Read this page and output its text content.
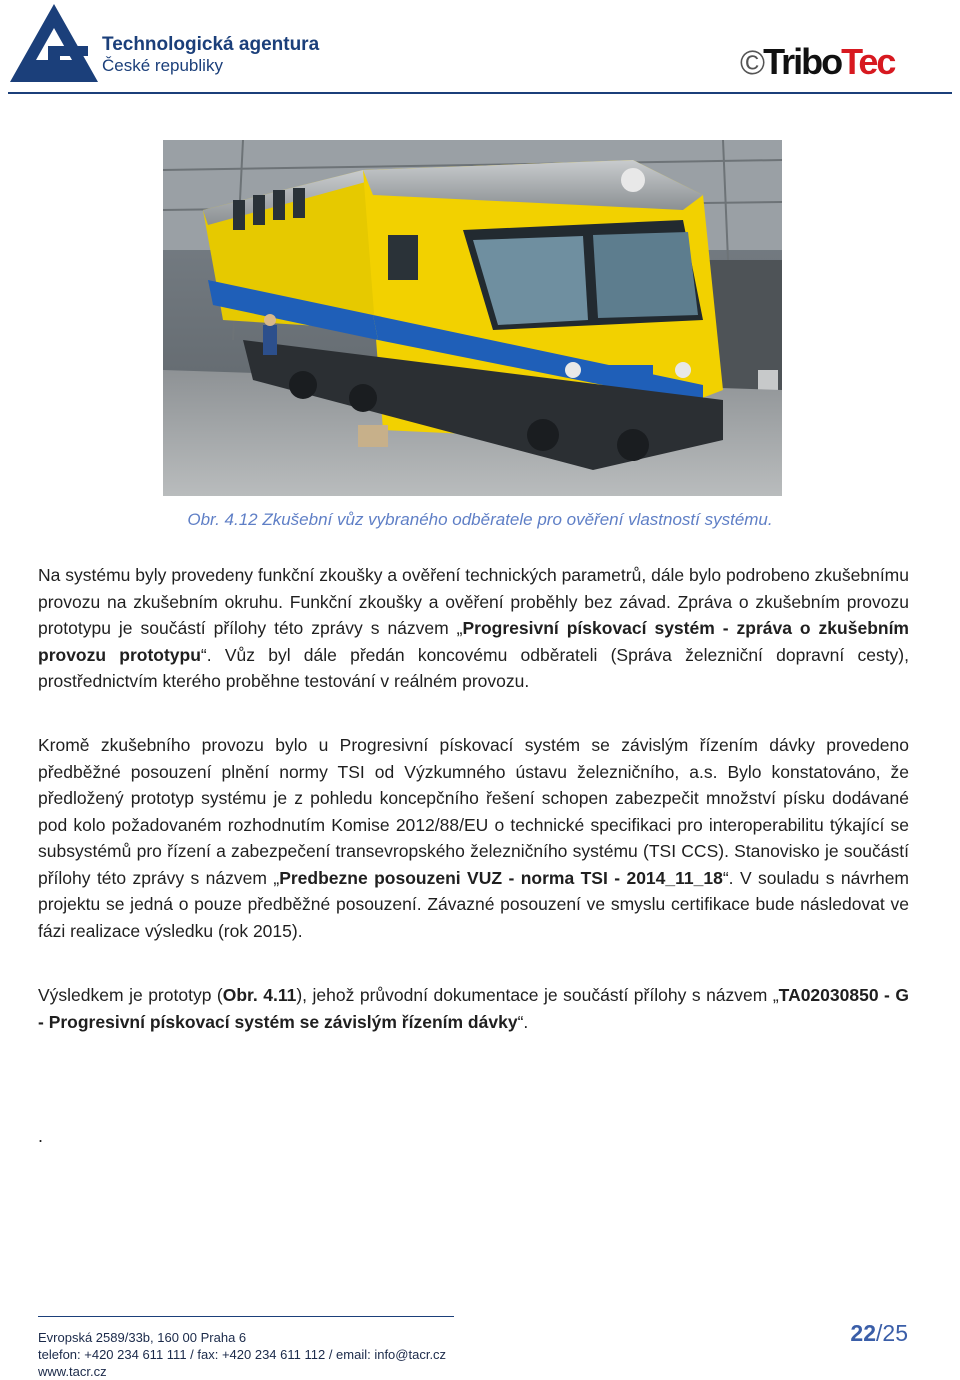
Technologická agentura
České republiky	©TriboTec
Obr. 4.12 Zkušební vůz vybraného odběratele pro ověření vlastností systému.
Na systému byly provedeny funkční zkoušky a ověření technických parametrů, dále bylo podrobeno zkušebnímu provozu na zkušebním okruhu. Funkční zkoušky a ověření proběhly bez závad. Zpráva o zkušebním provozu prototypu je součástí přílohy této zprávy s názvem „Progresivní pískovací systém - zpráva o zkušebním provozu prototypu“. Vůz byl dále předán koncovému odběrateli (Správa železniční dopravní cesty), prostřednictvím kterého proběhne testování v reálném provozu.
Kromě zkušebního provozu bylo u Progresivní pískovací systém se závislým řízením dávky provedeno předběžné posouzení plnění normy TSI od Výzkumného ústavu železničního, a.s. Bylo konstatováno, že předložený prototyp systému je z pohledu koncepčního řešení schopen zabezpečit množství písku dodávané pod kolo požadovaném rozhodnutím Komise 2012/88/EU o technické specifikaci pro interoperabilitu týkající se subsystémů pro řízení a zabezpečení transevropského železničního systému (TSI CCS). Stanovisko je součástí přílohy této zprávy s názvem „Predbezne posouzeni VUZ - norma TSI - 2014_11_18“. V souladu s návrhem projektu se jedná o pouze předběžné posouzení. Závazné posouzení ve smyslu certifikace bude následovat ve fázi realizace výsledku (rok 2015).
Výsledkem je prototyp (Obr. 4.11), jehož průvodní dokumentace je součástí přílohy s názvem „TA02030850 - G - Progresivní pískovací systém se závislým řízením dávky“.
.
Evropská 2589/33b, 160 00 Praha 6
telefon: +420 234 611 111 / fax: +420 234 611 112 / email: info@tacr.cz
www.tacr.cz
22/25
